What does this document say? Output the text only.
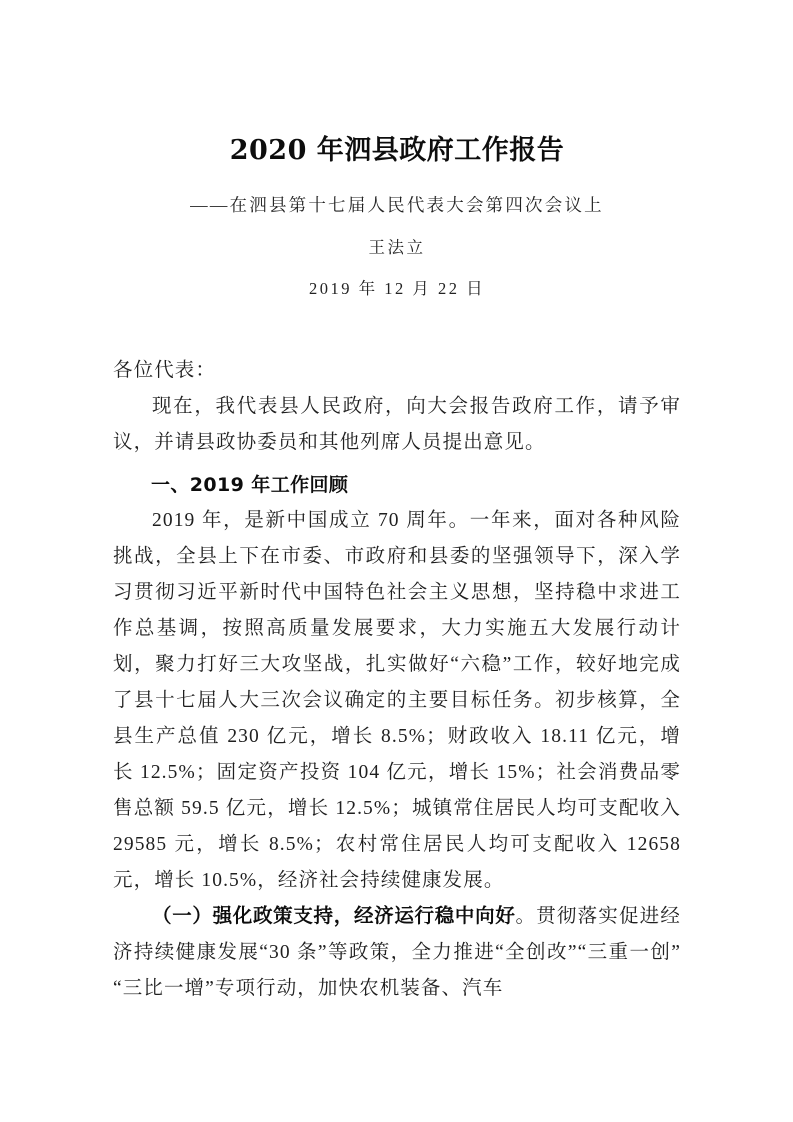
2020 年泗县政府工作报告

——在泗县第十七届人民代表大会第四次会议上

王法立

2019 年 12 月 22 日

各位代表：

现在，我代表县人民政府，向大会报告政府工作，请予审议，并请县政协委员和其他列席人员提出意见。

一、2019 年工作回顾

2019 年，是新中国成立 70 周年。一年来，面对各种风险挑战，全县上下在市委、市政府和县委的坚强领导下，深入学习贯彻习近平新时代中国特色社会主义思想，坚持稳中求进工作总基调，按照高质量发展要求，大力实施五大发展行动计划，聚力打好三大攻坚战，扎实做好“六稳”工作，较好地完成了县十七届人大三次会议确定的主要目标任务。初步核算，全县生产总值 230 亿元，增长 8.5%；财政收入 18.11 亿元，增长 12.5%；固定资产投资 104 亿元，增长 15%；社会消费品零售总额 59.5 亿元，增长 12.5%；城镇常住居民人均可支配收入 29585 元，增长 8.5%；农村常住居民人均可支配收入 12658 元，增长 10.5%，经济社会持续健康发展。

（一）强化政策支持，经济运行稳中向好。贯彻落实促进经济持续健康发展“30 条”等政策，全力推进“全创改”“三重一创”“三比一增”专项行动，加快农机装备、汽车
